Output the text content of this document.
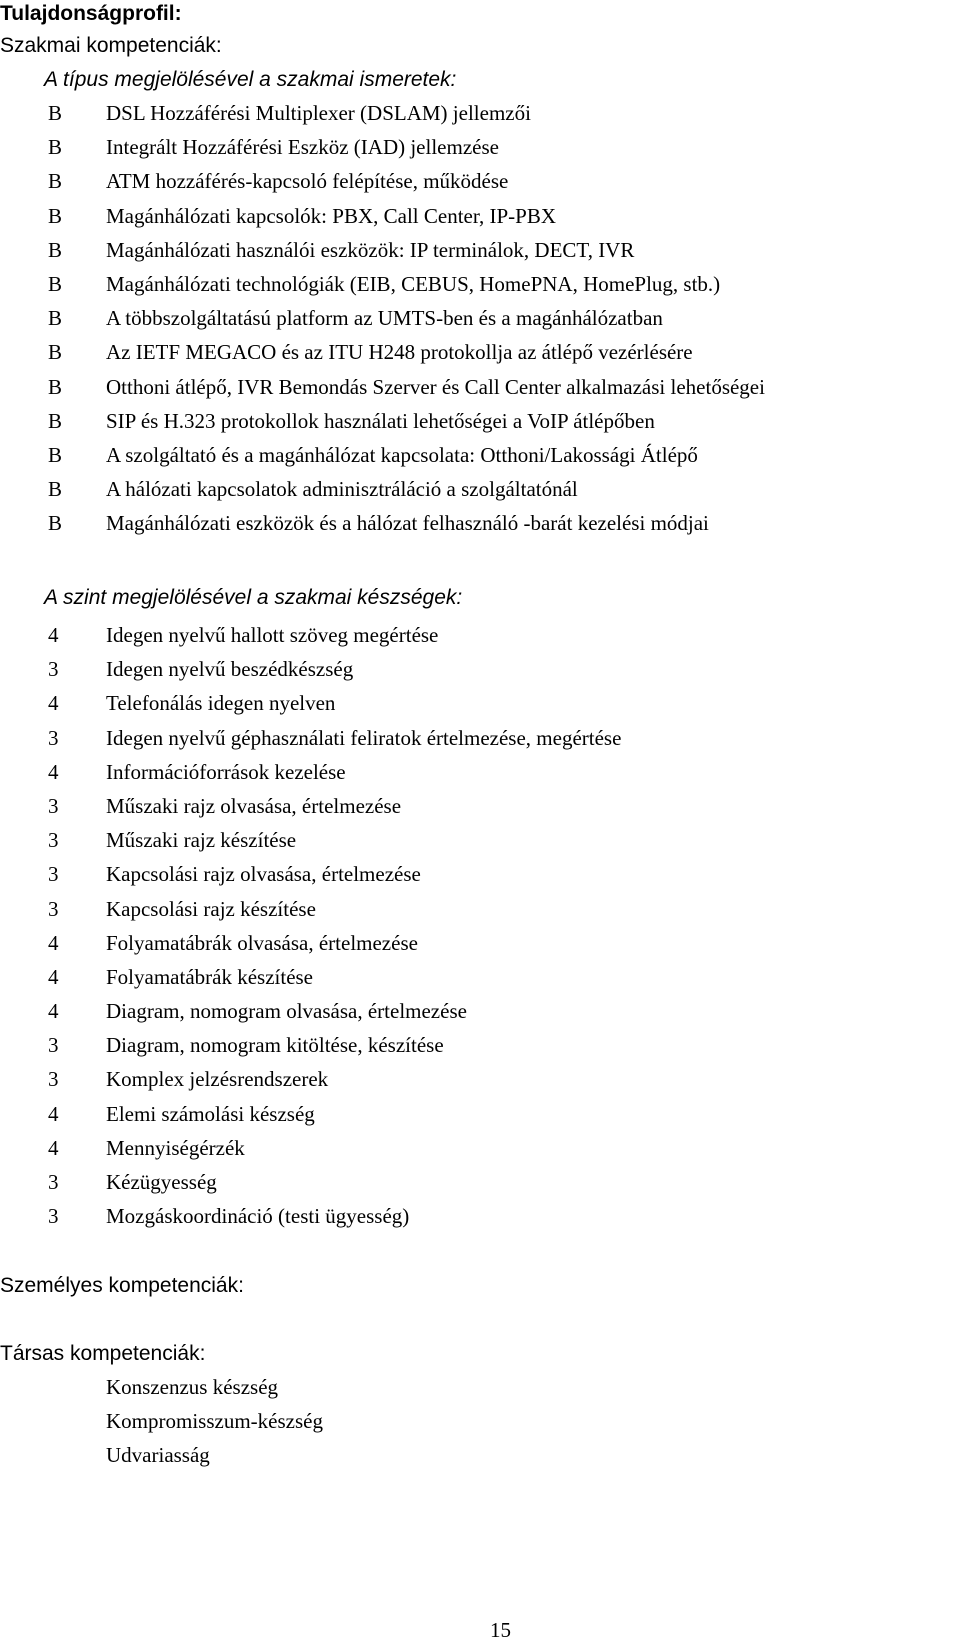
Tulajdonságprofil:
Szakmai kompetenciák:
A típus megjelölésével a szakmai ismeretek:
B DSL Hozzáférési Multiplexer (DSLAM) jellemzői
B Integrált Hozzáférési Eszköz (IAD) jellemzése
B ATM hozzáférés-kapcsoló felépítése, működése
B Magánhálózati kapcsolók: PBX, Call Center, IP-PBX
B Magánhálózati használói eszközök: IP terminálok, DECT, IVR
B Magánhálózati technológiák (EIB, CEBUS, HomePNA, HomePlug, stb.)
B A többszolgáltatású platform az UMTS-ben és a magánhálózatban
B Az IETF MEGACO és az ITU H248 protokollja az átlépő vezérlésére
B Otthoni átlépő, IVR Bemondás Szerver és Call Center alkalmazási lehetőségei
B SIP és H.323 protokollok használati lehetőségei a VoIP átlépőben
B A szolgáltató és a magánhálózat kapcsolata: Otthoni/Lakossági Átlépő
B A hálózati kapcsolatok adminisztráláció a szolgáltatónál
B Magánhálózati eszközök és a hálózat felhasználó -barát kezelési módjai
A szint megjelölésével a szakmai készségek:
4 Idegen nyelvű hallott szöveg megértése
3 Idegen nyelvű beszédkészség
4 Telefonálás idegen nyelven
3 Idegen nyelvű géphasználati feliratok értelmezése, megértése
4 Információforrások kezelése
3 Műszaki rajz olvasása, értelmezése
3 Műszaki rajz készítése
3 Kapcsolási rajz olvasása, értelmezése
3 Kapcsolási rajz készítése
4 Folyamatábrák olvasása, értelmezése
4 Folyamatábrák készítése
4 Diagram, nomogram olvasása, értelmezése
3 Diagram, nomogram kitöltése, készítése
3 Komplex jelzésrendszerek
4 Elemi számolási készség
4 Mennyiségérzék
3 Kézügyesség
3 Mozgáskoordináció (testi ügyesség)
Személyes kompetenciák:
Társas kompetenciák:
Konszenzus készség
Kompromisszum-készség
Udvariasság
15
